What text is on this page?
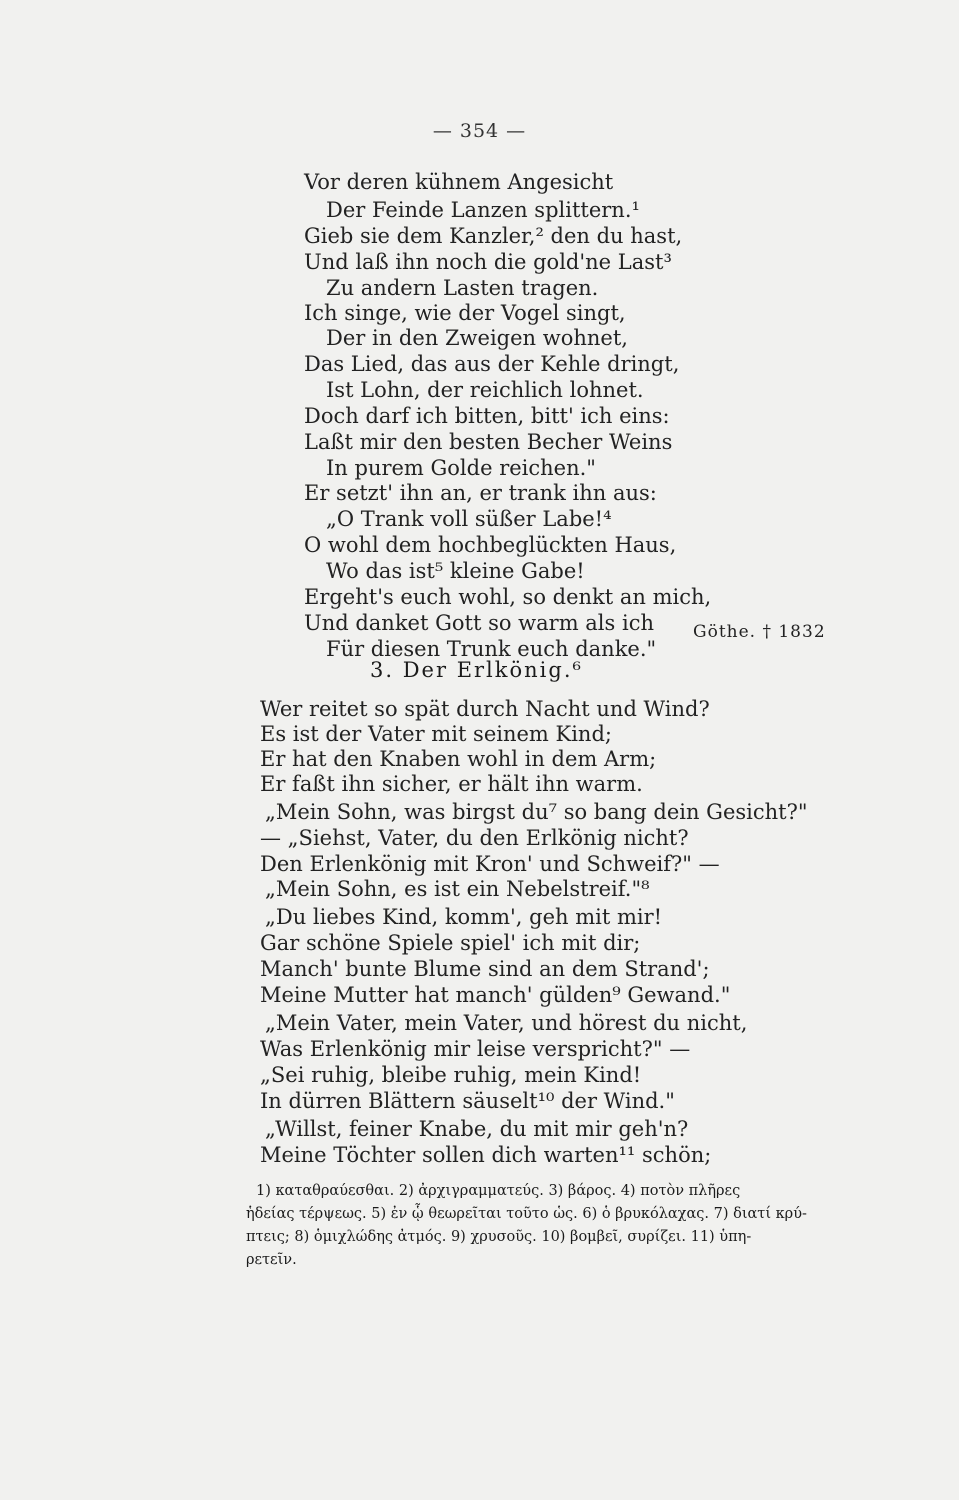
— 354 —
Vor deren kühnem Angesicht
Der Feinde Lanzen splittern.¹
Gieb sie dem Kanzler,² den du hast,
Und laß ihn noch die gold'ne Last³
Zu andern Lasten tragen.
Ich singe, wie der Vogel singt,
Der in den Zweigen wohnet,
Das Lied, das aus der Kehle dringt,
Ist Lohn, der reichlich lohnet.
Doch darf ich bitten, bitt' ich eins:
Laßt mir den besten Becher Weins
In purem Golde reichen."
Er setzt' ihn an, er trank ihn aus:
„O Trank voll süßer Labe!⁴
O wohl dem hochbeglückten Haus,
Wo das ist⁵ kleine Gabe!
Ergeht's euch wohl, so denkt an mich,
Und danket Gott so warm als ich
Für diesen Trunk euch danke."
Göthe. † 1832
3. Der Erlkönig.⁶
Wer reitet so spät durch Nacht und Wind?
Es ist der Vater mit seinem Kind;
Er hat den Knaben wohl in dem Arm;
Er faßt ihn sicher, er hält ihn warm.
„Mein Sohn, was birgst du⁷ so bang dein Gesicht?"
— „Siehst, Vater, du den Erlkönig nicht?
Den Erlenkönig mit Kron' und Schweif?" —
„Mein Sohn, es ist ein Nebelstreif."⁸
„Du liebes Kind, komm', geh mit mir!
Gar schöne Spiele spiel' ich mit dir;
Manch' bunte Blume sind an dem Strand';
Meine Mutter hat manch' gülden⁹ Gewand."
„Mein Vater, mein Vater, und hörest du nicht,
Was Erlenkönig mir leise verspricht?" —
„Sei ruhig, bleibe ruhig, mein Kind!
In dürren Blättern säuselt¹⁰ der Wind."
„Willst, feiner Knabe, du mit mir geh'n?
Meine Töchter sollen dich warten¹¹ schön;
1) καταθραύεσθαι. 2) ἀρχιγραμματεύς. 3) βάρος. 4) ποτὸν πλῆρες
ἡδείας τέρψεως. 5) ἐν ᾧ θεωρεῖται τοῦτο ὡς. 6) ὁ βρυκόλαχας. 7) διατί κρύ-
πτεις; 8) ὁμιχλώδης ἀτμός. 9) χρυσοῦς. 10) βομβεῖ, συρίζει. 11) ὑπη-
ρετεῖν.
